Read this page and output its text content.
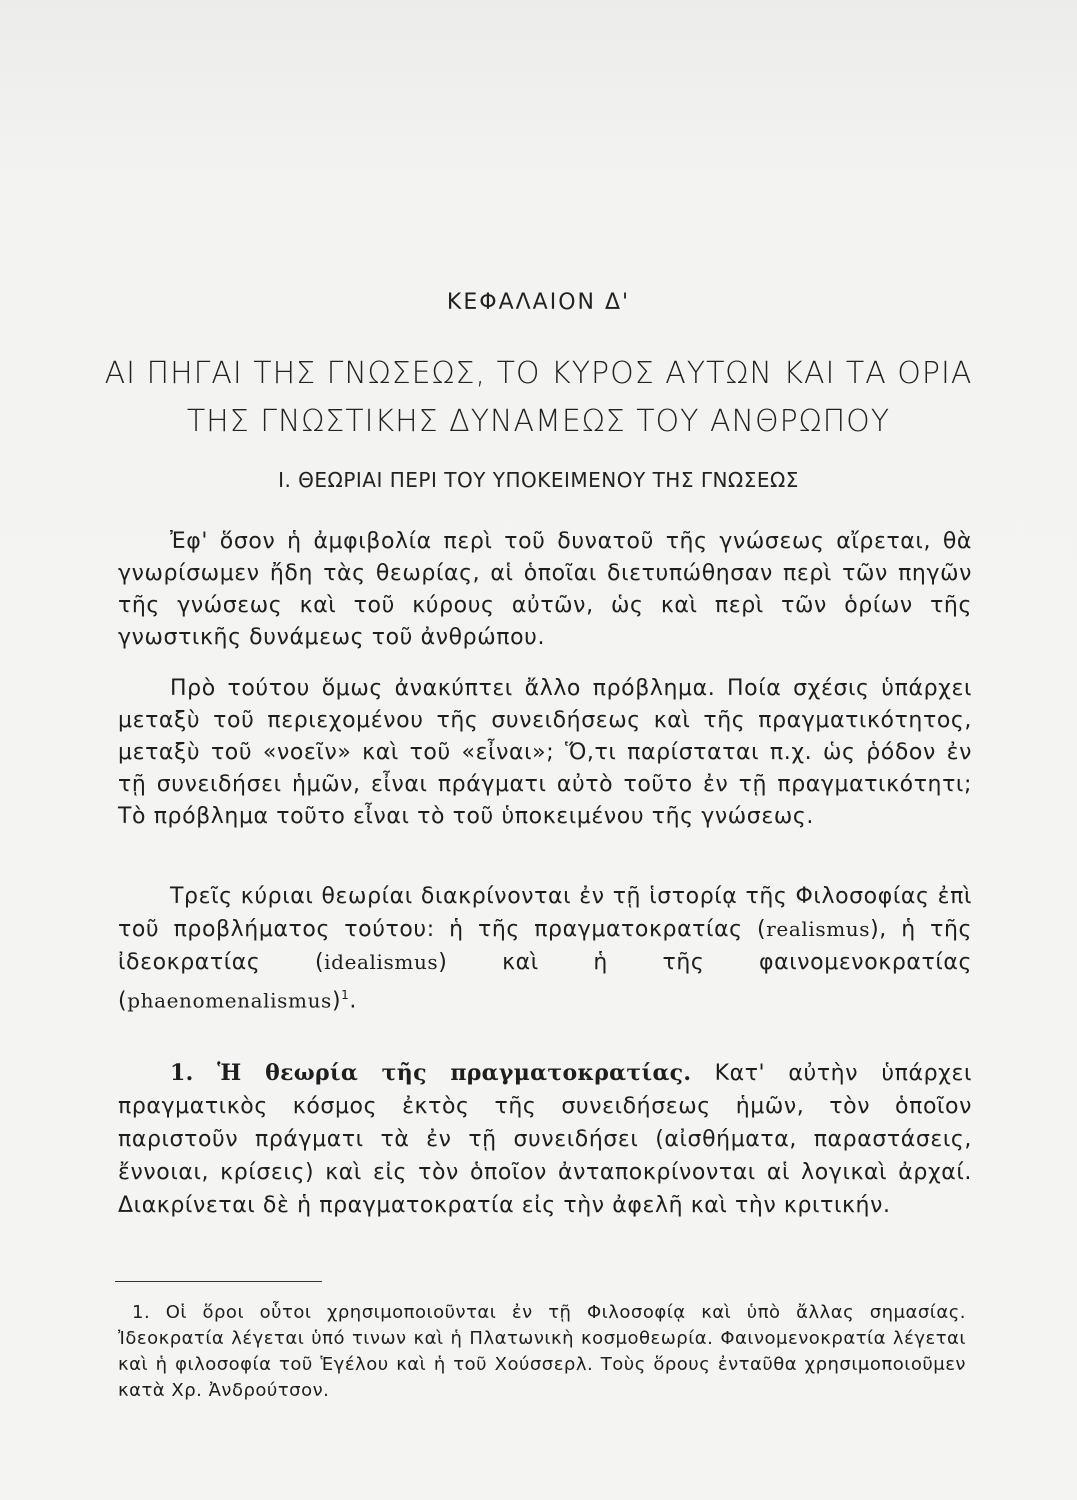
ΚΕΦΑΛΑΙΟΝ Δ'
ΑΙ ΠΗΓΑΙ ΤΗΣ ΓΝΩΣΕΩΣ, ΤΟ ΚΥΡΟΣ ΑΥΤΩΝ ΚΑΙ ΤΑ ΟΡΙΑ
ΤΗΣ ΓΝΩΣΤΙΚΗΣ ΔΥΝΑΜΕΩΣ ΤΟΥ ΑΝΘΡΩΠΟΥ
Ι. ΘΕΩΡΙΑΙ ΠΕΡΙ ΤΟΥ ΥΠΟΚΕΙΜΕΝΟΥ ΤΗΣ ΓΝΩΣΕΩΣ

Ἐφ' ὅσον ἡ ἀμφιβολία περὶ τοῦ δυνατοῦ τῆς γνώσεως αἴρεται, θὰ γνωρίσωμεν ἤδη τὰς θεωρίας, αἱ ὁποῖαι διετυπώθησαν περὶ τῶν πηγῶν τῆς γνώσεως καὶ τοῦ κύρους αὐτῶν, ὡς καὶ περὶ τῶν ὁρίων τῆς γνωστικῆς δυνάμεως τοῦ ἀνθρώπου.

Πρὸ τούτου ὅμως ἀνακύπτει ἄλλο πρόβλημα. Ποία σχέσις ὑπάρχει μεταξὺ τοῦ περιεχομένου τῆς συνειδήσεως καὶ τῆς πραγματικότητος, μεταξὺ τοῦ «νοεῖν» καὶ τοῦ «εἶναι»; Ὅ,τι παρίσταται π.χ. ὡς ῥόδον ἐν τῇ συνειδήσει ἡμῶν, εἶναι πράγματι αὐτὸ τοῦτο ἐν τῇ πραγματικότητι; Τὸ πρόβλημα τοῦτο εἶναι τὸ τοῦ ὑποκειμένου τῆς γνώσεως.

Τρεῖς κύριαι θεωρίαι διακρίνονται ἐν τῇ ἱστορίᾳ τῆς Φιλοσοφίας ἐπὶ τοῦ προβλήματος τούτου: ἡ τῆς πραγματοκρατίας (realismus), ἡ τῆς ἰδεοκρατίας (idealismus) καὶ ἡ τῆς φαινομενοκρατίας (phaenomenalismus)$^1$.

1. Ἡ θεωρία τῆς πραγματοκρατίας. Κατ' αὐτὴν ὑπάρχει πραγματικὸς κόσμος ἐκτὸς τῆς συνειδήσεως ἡμῶν, τὸν ὁποῖον παριστοῦν πράγματι τὰ ἐν τῇ συνειδήσει (αἰσθήματα, παραστάσεις, ἔννοιαι, κρίσεις) καὶ εἰς τὸν ὁποῖον ἀνταποκρίνονται αἱ λογικαὶ ἀρχαί. Διακρίνεται δὲ ἡ πραγματοκρατία εἰς τὴν ἀφελῆ καὶ τὴν κριτικήν.

1. Οἱ ὅροι οὗτοι χρησιμοποιοῦνται ἐν τῇ Φιλοσοφίᾳ καὶ ὑπὸ ἄλλας σημασίας. Ἰδεοκρατία λέγεται ὑπό τινων καὶ ἡ Πλατωνικὴ κοσμοθεωρία. Φαινομενοκρατία λέγεται καὶ ἡ φιλοσοφία τοῦ Ἑγέλου καὶ ἡ τοῦ Χούσσερλ. Τοὺς ὅρους ἐνταῦθα χρησιμοποιοῦμεν κατὰ Χρ. Ἀνδρούτσον.
